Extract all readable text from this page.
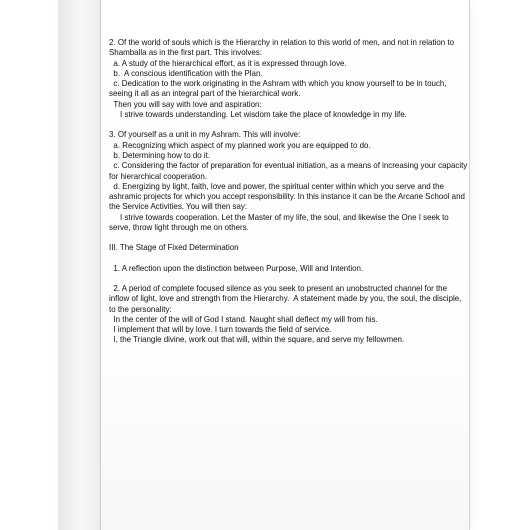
2. Of the world of souls which is the Hierarchy in relation to this world of men, and not in relation to Shamballa as in the first part. This involves:
a. A study of the hierarchical effort, as it is expressed through love.
b.  A conscious identification with the Plan.
c. Dedication to the work originating in the Ashram with which you know yourself to be in touch, seeing it all as an integral part of the hierarchical work.
Then you will say with love and aspiration:
I strive towards understanding. Let wisdom take the place of knowledge in my life.
3. Of yourself as a unit in my Ashram. This will involve:
a. Recognizing which aspect of my planned work you are equipped to do.
b. Determining how to do it.
c. Considering the factor of preparation for eventual initiation, as a means of increasing your capacity for hierarchical cooperation.
d. Energizing by light, faith, love and power, the spiritual center within which you serve and the ashramic projects for which you accept responsibility. In this instance it can be the Arcane School and the Service Activities. You will then say:
I strive towards cooperation. Let the Master of my life, the soul, and likewise the One I seek to serve, throw light through me on others.
III. The Stage of Fixed Determination
1. A reflection upon the distinction between Purpose, Will and Intention.
2. A period of complete focused silence as you seek to present an unobstructed channel for the inflow of light, love and strength from the Hierarchy.  A statement made by you, the soul, the disciple, to the personality:
In the center of the will of God I stand. Naught shall deflect my will from his.
I implement that will by love. I turn towards the field of service.
I, the Triangle divine, work out that will, within the square, and serve my fellowmen.
